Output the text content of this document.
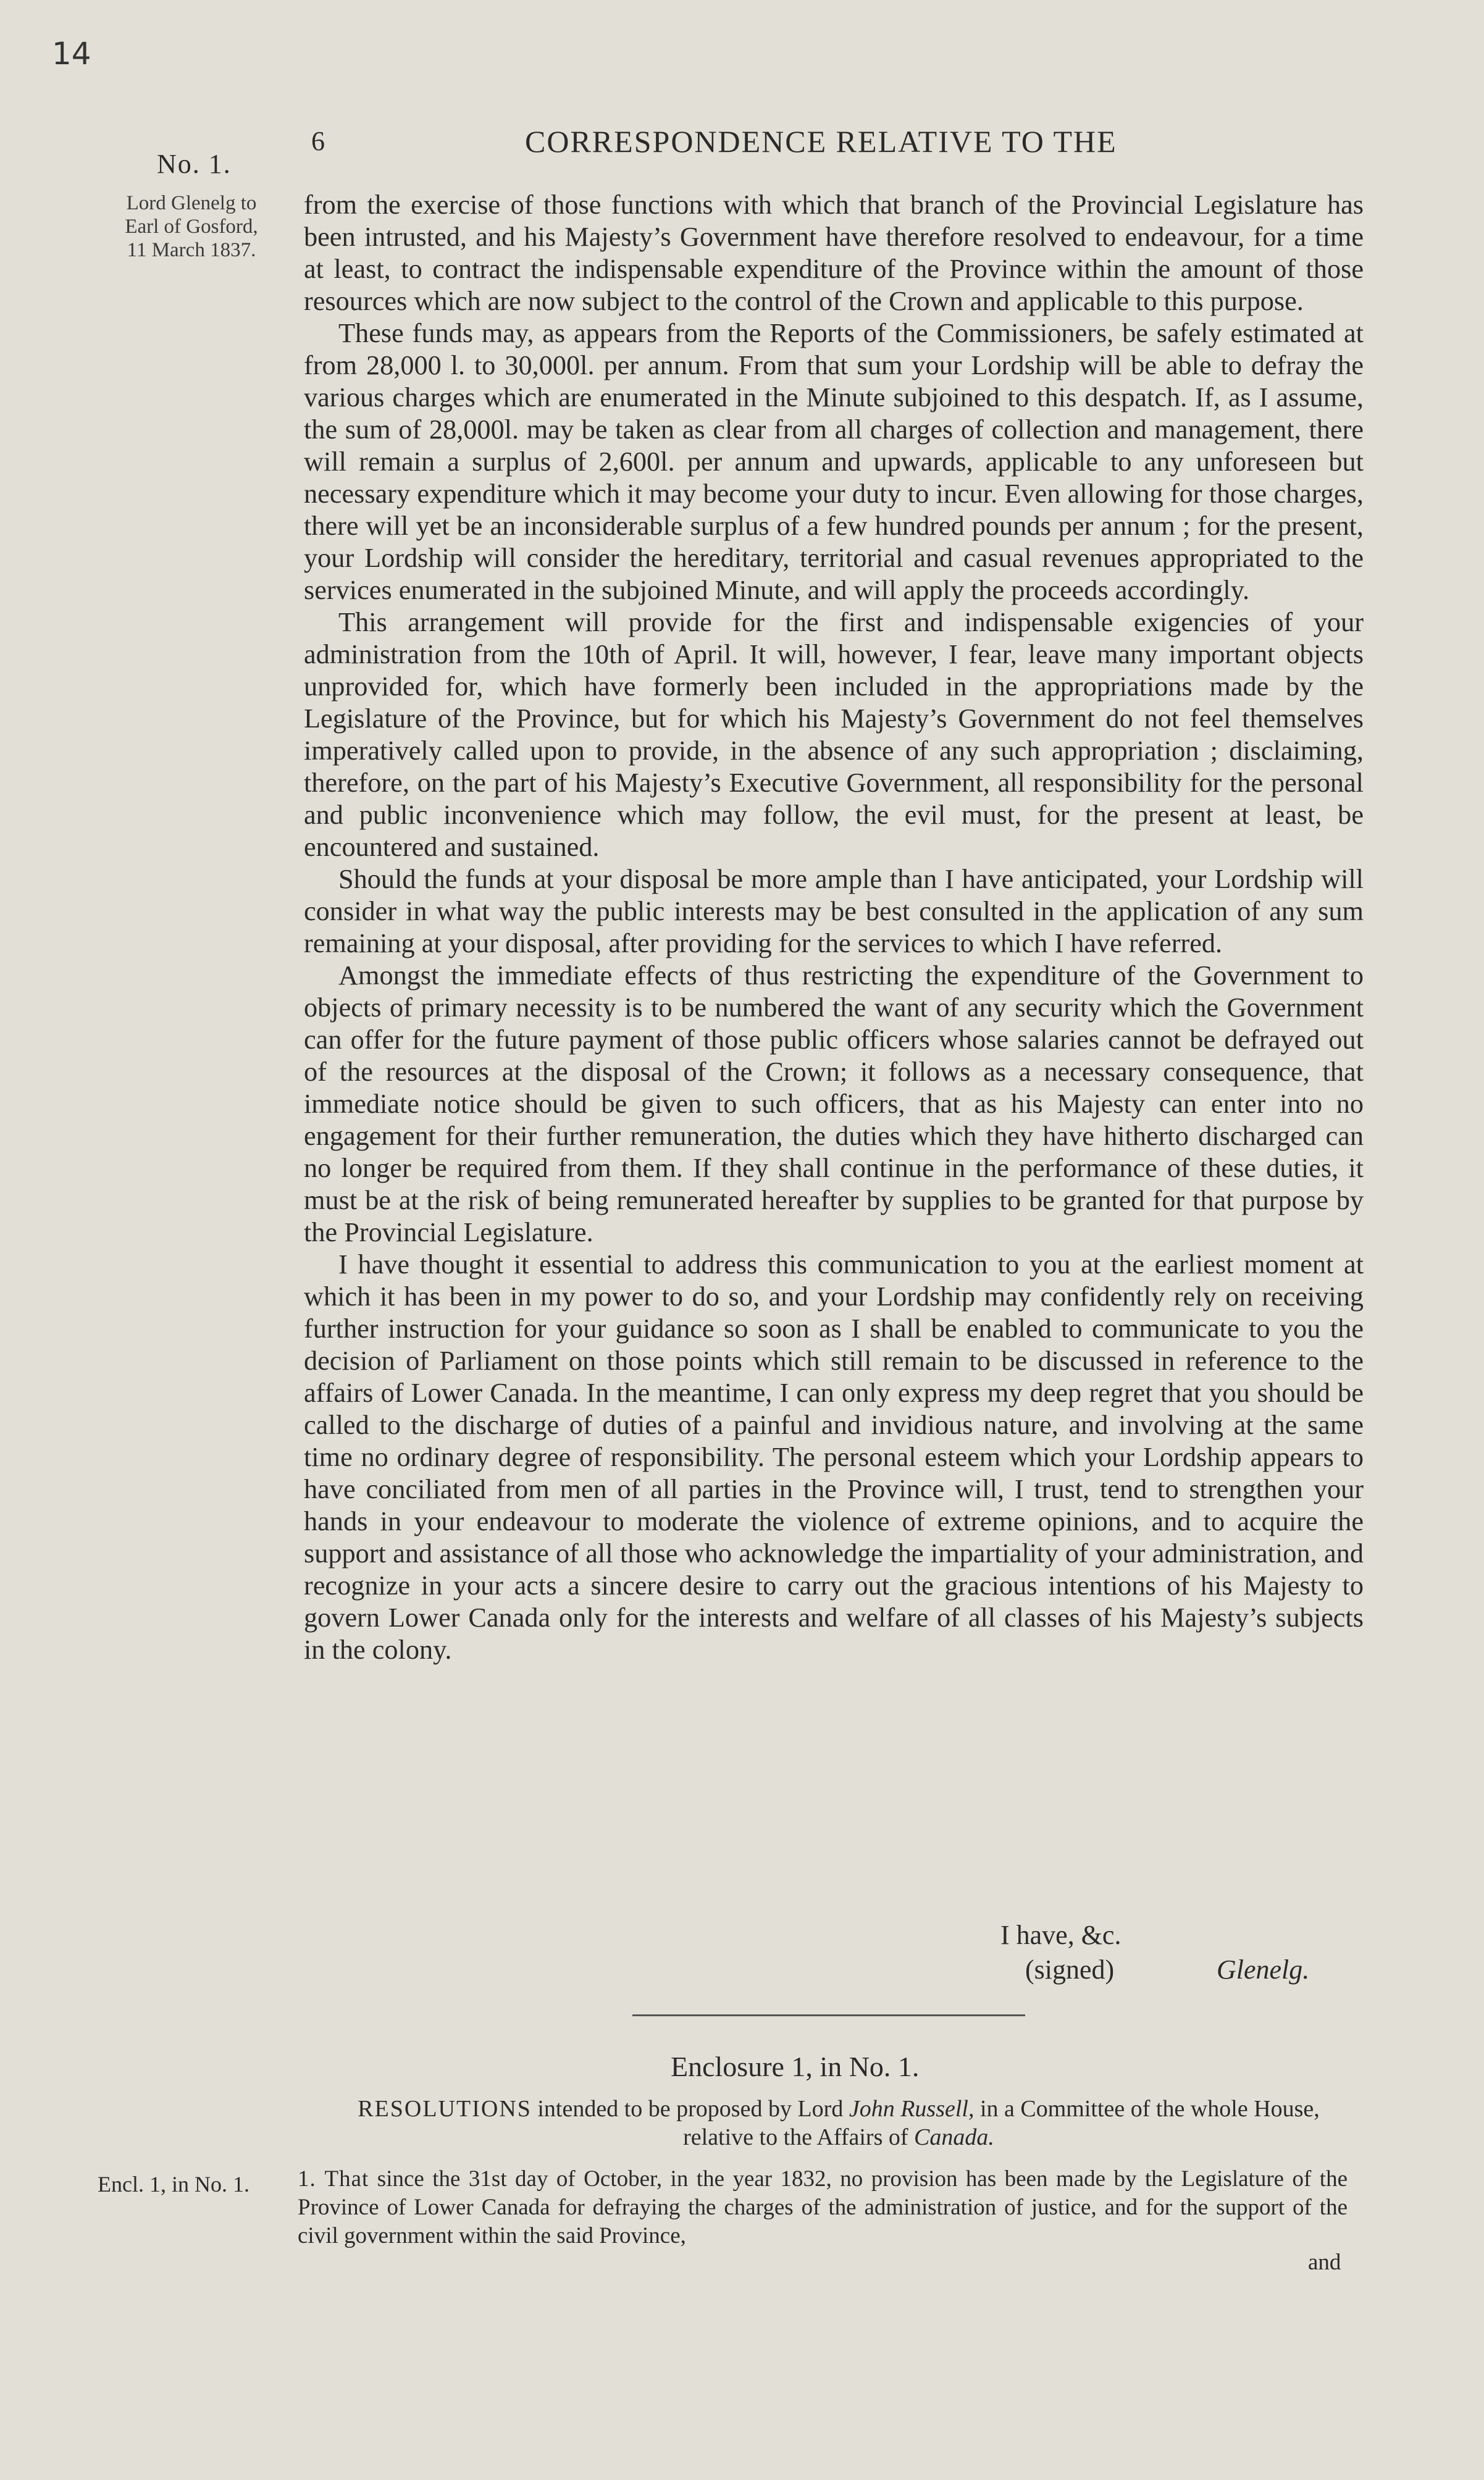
14
6	CORRESPONDENCE RELATIVE TO THE
No. 1.
Lord Glenelg to
Earl of Gosford,
11 March 1837.

from the exercise of those functions with which that branch of the Provincial Legislature has been intrusted, and his Majesty’s Government have therefore resolved to endeavour, for a time at least, to contract the indispensable expenditure of the Province within the amount of those resources which are now subject to the control of the Crown and applicable to this purpose.

These funds may, as appears from the Reports of the Commissioners, be safely estimated at from 28,000 l. to 30,000l. per annum. From that sum your Lordship will be able to defray the various charges which are enumerated in the Minute subjoined to this despatch. If, as I assume, the sum of 28,000l. may be taken as clear from all charges of collection and management, there will remain a surplus of 2,600l. per annum and upwards, applicable to any unforeseen but necessary expenditure which it may become your duty to incur. Even allowing for those charges, there will yet be an inconsiderable surplus of a few hundred pounds per annum ; for the present, your Lordship will consider the hereditary, territorial and casual revenues appropriated to the services enumerated in the subjoined Minute, and will apply the proceeds accordingly.

This arrangement will provide for the first and indispensable exigencies of your administration from the 10th of April. It will, however, I fear, leave many important objects unprovided for, which have formerly been included in the appropriations made by the Legislature of the Province, but for which his Majesty’s Government do not feel themselves imperatively called upon to provide, in the absence of any such appropriation ; disclaiming, therefore, on the part of his Majesty’s Executive Government, all responsibility for the personal and public inconvenience which may follow, the evil must, for the present at least, be encountered and sustained.

Should the funds at your disposal be more ample than I have anticipated, your Lordship will consider in what way the public interests may be best consulted in the application of any sum remaining at your disposal, after providing for the services to which I have referred.

Amongst the immediate effects of thus restricting the expenditure of the Government to objects of primary necessity is to be numbered the want of any security which the Government can offer for the future payment of those public officers whose salaries cannot be defrayed out of the resources at the disposal of the Crown; it follows as a necessary consequence, that immediate notice should be given to such officers, that as his Majesty can enter into no engagement for their further remuneration, the duties which they have hitherto discharged can no longer be required from them. If they shall continue in the performance of these duties, it must be at the risk of being remunerated hereafter by supplies to be granted for that purpose by the Provincial Legislature.

I have thought it essential to address this communication to you at the earliest moment at which it has been in my power to do so, and your Lordship may confidently rely on receiving further instruction for your guidance so soon as I shall be enabled to communicate to you the decision of Parliament on those points which still remain to be discussed in reference to the affairs of Lower Canada. In the meantime, I can only express my deep regret that you should be called to the discharge of duties of a painful and invidious nature, and involving at the same time no ordinary degree of responsibility. The personal esteem which your Lordship appears to have conciliated from men of all parties in the Province will, I trust, tend to strengthen your hands in your endeavour to moderate the violence of extreme opinions, and to acquire the support and assistance of all those who acknowledge the impartiality of your administration, and recognize in your acts a sincere desire to carry out the gracious intentions of his Majesty to govern Lower Canada only for the interests and welfare of all classes of his Majesty’s subjects in the colony.

I have, &c.
(signed)	Glenelg.
Enclosure 1, in No. 1.
RESOLUTIONS intended to be proposed by Lord John Russell, in a Committee of the whole House, relative to the Affairs of Canada.
Encl. 1, in No. 1. 1. That since the 31st day of October, in the year 1832, no provision has been made by the Legislature of the Province of Lower Canada for defraying the charges of the administration of justice, and for the support of the civil government within the said Province,
and
